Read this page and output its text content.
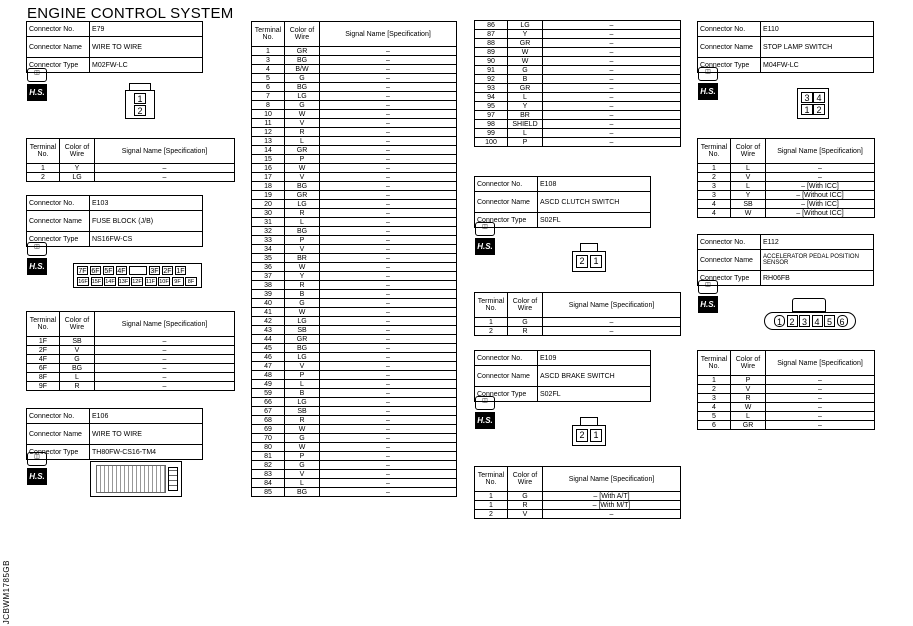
ENGINE CONTROL SYSTEM
JCBWM1785GB
Connector No.	E79
Connector Name	WIRE TO WIRE
Connector Type	M02FW-LC
◫
H.S.
1
2
Terminal No.	Color of Wire	Signal Name [Specification]
1	Y	–
2	LG	–
Connector No.	E103
Connector Name	FUSE BLOCK (J/B)
Connector Type	NS16FW-CS
◫
H.S.
7F 6F 5F 4F	3F 2F 1F
16F 15F 14F 13F 12F 11F 10F	9F	8F
Terminal No.	Color of Wire	Signal Name [Specification]
1F	SB	–
2F	V	–
4F	G	–
6F	BG	–
8F	L	–
9F	R	–
Connector No.	E106
Connector Name	WIRE TO WIRE
Connector Type	TH80FW-CS16-TM4
◫
H.S.
Terminal No.	Color of Wire	Signal Name [Specification]
1	GR	–
3	BG	–
4	B/W	–
5	G	–
6	BG	–
7	LG	–
8	G	–
10	W	–
11	V	–
12	R	–
13	L	–
14	GR	–
15	P	–
16	W	–
17	V	–
18	BG	–
19	GR	–
20	LG	–
30	R	–
31	L	–
32	BG	–
33	P	–
34	V	–
35	BR	–
36	W	–
37	Y	–
38	R	–
39	B	–
40	G	–
41	W	–
42	LG	–
43	SB	–
44	GR	–
45	BG	–
46	LG	–
47	V	–
48	P	–
49	L	–
59	B	–
66	LG	–
67	SB	–
68	R	–
69	W	–
70	G	–
80	W	–
81	P	–
82	G	–
83	V	–
84	L	–
85	BG	–
86	LG	–
87	Y	–
88	GR	–
89	W	–
90	W	–
91	G	–
92	B	–
93	GR	–
94	L	–
95	Y	–
97	BR	–
98	SHIELD	–
99	L	–
100	P	–
Connector No.	E108
Connector Name	ASCD CLUTCH SWITCH
Connector Type	S02FL
◫
H.S.
2 1
Terminal No.	Color of Wire	Signal Name [Specification]
1	G	–
2	R	–
Connector No.	E109
Connector Name	ASCD BRAKE SWITCH
Connector Type	S02FL
◫
H.S.
2 1
Terminal No.	Color of Wire	Signal Name [Specification]
1	G	– [With A/T]
1	R	– [With M/T]
2	V	–
Connector No.	E110
Connector Name	STOP LAMP SWITCH
Connector Type	M04FW-LC
◫
H.S.
3 4
1 2
Terminal No.	Color of Wire	Signal Name [Specification]
1	L	–
2	V	–
3	L	– [With ICC]
3	Y	– [Without ICC]
4	SB	– [With ICC]
4	W	– [Without ICC]
Connector No.	E112
Connector Name	ACCELERATOR PEDAL POSITION SENSOR
Connector Type	RH06FB
◫
H.S.
1 2 3 4 5 6
Terminal No.	Color of Wire	Signal Name [Specification]
1	P	–
2	V	–
3	R	–
4	W	–
5	L	–
6	GR	–
